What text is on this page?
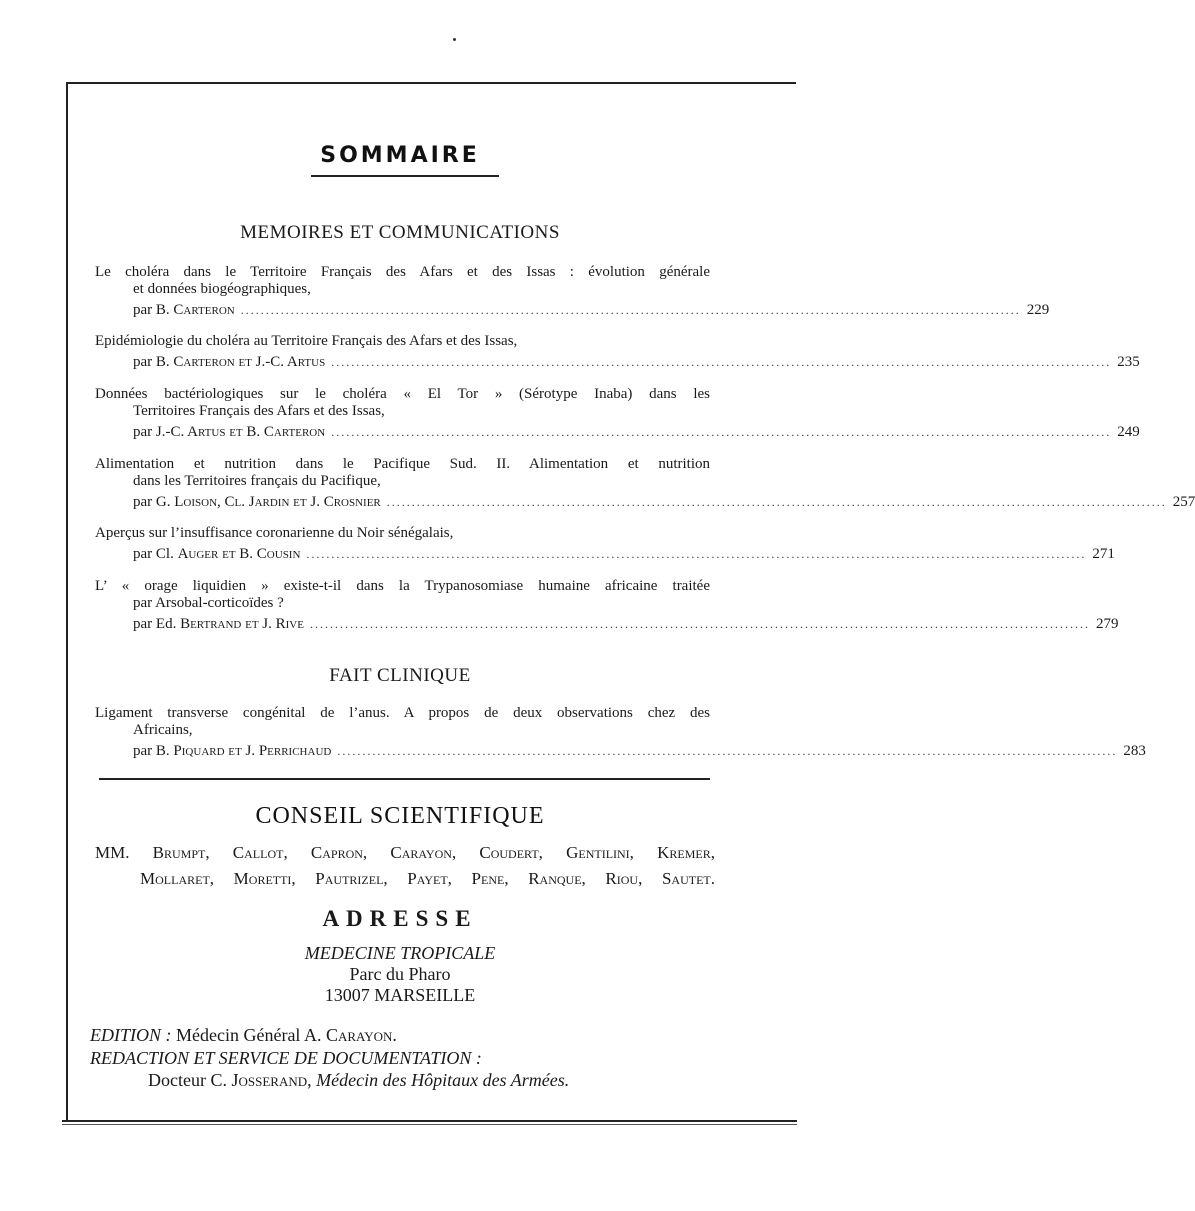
SOMMAIRE
MEMOIRES ET COMMUNICATIONS
Le choléra dans le Territoire Français des Afars et des Issas : évolution générale
et données biogéographiques,
par B. Carteron ............................................................................................................................................................ 229
Epidémiologie du choléra au Territoire Français des Afars et des Issas,
par B. Carteron et J.-C. Artus ............................................................................................................................................................ 235
Données bactériologiques sur le choléra « El Tor » (Sérotype Inaba) dans les
Territoires Français des Afars et des Issas,
par J.-C. Artus et B. Carteron ............................................................................................................................................................ 249
Alimentation et nutrition dans le Pacifique Sud. II. Alimentation et nutrition
dans les Territoires français du Pacifique,
par G. Loison, Cl. Jardin et J. Crosnier ............................................................................................................................................................ 257
Aperçus sur l’insuffisance coronarienne du Noir sénégalais,
par Cl. Auger et B. Cousin ............................................................................................................................................................ 271
L’ « orage liquidien » existe-t-il dans la Trypanosomiase humaine africaine traitée
par Arsobal-corticoïdes ?
par Ed. Bertrand et J. Rive ............................................................................................................................................................ 279
FAIT CLINIQUE
Ligament transverse congénital de l’anus. A propos de deux observations chez des
Africains,
par B. Piquard et J. Perrichaud ............................................................................................................................................................ 283
CONSEIL SCIENTIFIQUE
MM. Brumpt, Callot, Capron, Carayon, Coudert, Gentilini, Kremer,
Mollaret, Moretti, Pautrizel, Payet, Pene, Ranque, Riou, Sautet.
ADRESSE
MEDECINE TROPICALE
Parc du Pharo
13007 MARSEILLE
EDITION : Médecin Général A. Carayon.
REDACTION ET SERVICE DE DOCUMENTATION :
Docteur C. Josserand, Médecin des Hôpitaux des Armées.
